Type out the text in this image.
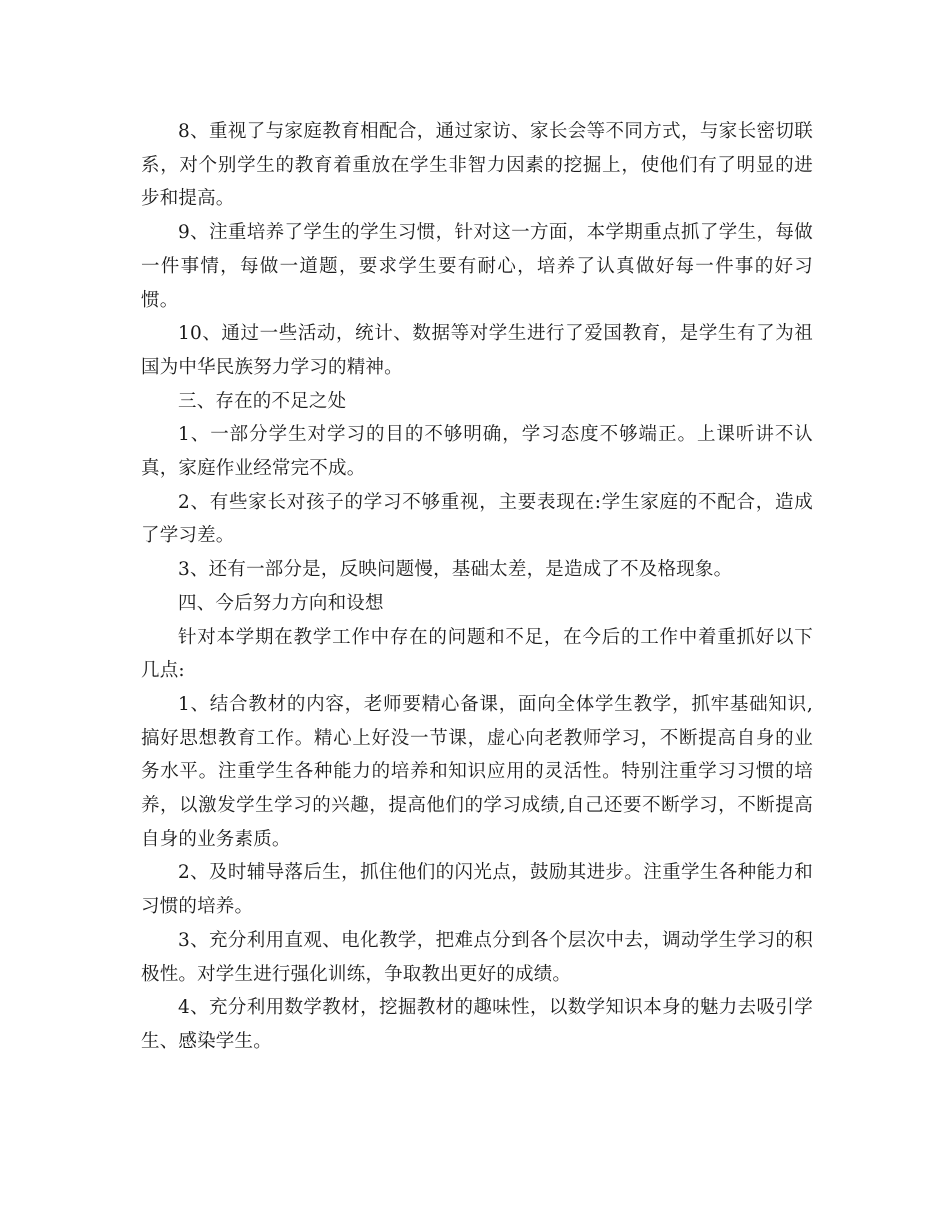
8、重视了与家庭教育相配合，通过家访、家长会等不同方式，与家长密切联系，对个别学生的教育着重放在学生非智力因素的挖掘上，使他们有了明显的进步和提高。

9、注重培养了学生的学生习惯，针对这一方面，本学期重点抓了学生，每做一件事情，每做一道题，要求学生要有耐心，培养了认真做好每一件事的好习惯。

10、通过一些活动，统计、数据等对学生进行了爱国教育，是学生有了为祖国为中华民族努力学习的精神。

三、存在的不足之处

1、一部分学生对学习的目的不够明确，学习态度不够端正。上课听讲不认真，家庭作业经常完不成。

2、有些家长对孩子的学习不够重视，主要表现在:学生家庭的不配合，造成了学习差。

3、还有一部分是，反映问题慢，基础太差，是造成了不及格现象。

四、今后努力方向和设想

针对本学期在教学工作中存在的问题和不足，在今后的工作中着重抓好以下几点:

1、结合教材的内容，老师要精心备课，面向全体学生教学，抓牢基础知识,搞好思想教育工作。精心上好没一节课，虚心向老教师学习，不断提高自身的业务水平。注重学生各种能力的培养和知识应用的灵活性。特别注重学习习惯的培养，以激发学生学习的兴趣，提高他们的学习成绩,自己还要不断学习，不断提高自身的业务素质。

2、及时辅导落后生，抓住他们的闪光点，鼓励其进步。注重学生各种能力和习惯的培养。

3、充分利用直观、电化教学，把难点分到各个层次中去，调动学生学习的积极性。对学生进行强化训练，争取教出更好的成绩。

4、充分利用数学教材，挖掘教材的趣味性，以数学知识本身的魅力去吸引学生、感染学生。
